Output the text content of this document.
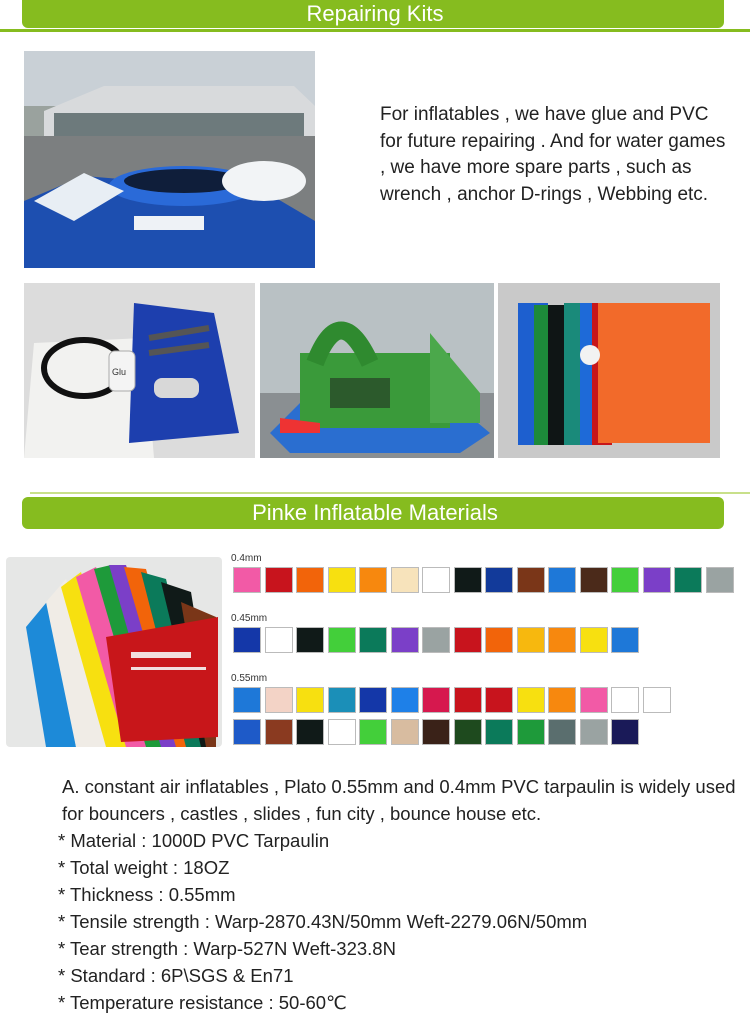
Repairing Kits
For inflatables , we have glue and PVC for future repairing . And for water games , we have more spare parts , such as wrench , anchor D-rings , Webbing etc.
Glu
Pinke Inflatable Materials
0.4mm
0.45mm
0.55mm
A. constant air inflatables , Plato 0.55mm and 0.4mm PVC tarpaulin is widely used for bouncers , castles , slides , fun city , bounce house etc.
* Material : 1000D PVC Tarpaulin
* Total weight : 18OZ
* Thickness : 0.55mm
* Tensile strength : Warp-2870.43N/50mm Weft-2279.06N/50mm
* Tear strength : Warp-527N Weft-323.8N
* Standard : 6P\SGS & En71
* Temperature resistance : 50-60℃
